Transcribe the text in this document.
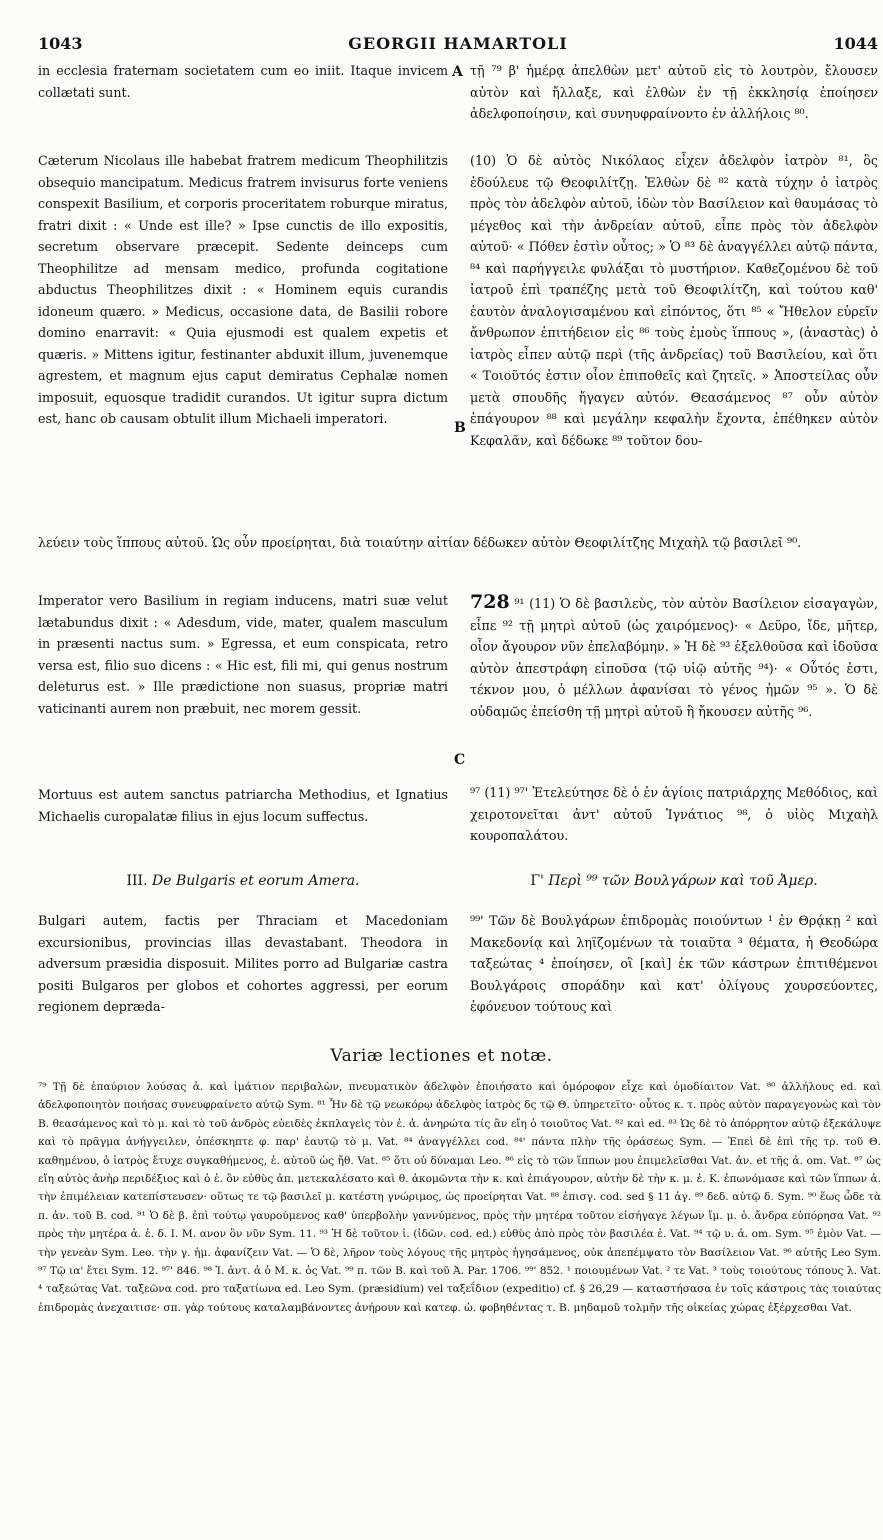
1043	GEORGII HAMARTOLI	1044
A
B
C

in ecclesia fraternam societatem cum eo iniit. Itaque invicem collætati sunt.

Cæterum Nicolaus ille habebat fratrem medicum Theophilitzis obsequio mancipatum. Medicus fratrem invisurus forte veniens conspexit Basilium, et corporis proceritatem roburque miratus, fratri dixit : « Unde est ille? » Ipse cunctis de illo expositis, secretum observare præcepit. Sedente deinceps cum Theophilitze ad mensam medico, profunda cogitatione abductus Theophilitzes dixit : « Hominem equis curandis idoneum quæro. » Medicus, occasione data, de Basilii robore domino enarravit: « Quia ejusmodi est qualem expetis et quæris. » Mittens igitur, festinanter abduxit illum, juvenemque agrestem, et magnum ejus caput demiratus Cephalæ nomen imposuit, equosque tradidit curandos. Ut igitur supra dictum est, hanc ob causam obtulit illum Michaeli imperatori.

Imperator vero Basilium in regiam inducens, matri suæ velut lætabundus dixit : « Adesdum, vide, mater, qualem masculum in præsenti nactus sum. » Egressa, et eum conspicata, retro versa est, filio suo dicens : « Hic est, fili mi, qui genus nostrum deleturus est. » Ille prædictione non suasus, propriæ matri vaticinanti aurem non præbuit, nec morem gessit.

Mortuus est autem sanctus patriarcha Methodius, et Ignatius Michaelis curopalatæ filius in ejus locum suffectus.

III. De Bulgaris et eorum Amera.

Bulgari autem, factis per Thraciam et Macedoniam excursionibus, provincias illas devastabant. Theodora in adversum præsidia disposuit. Milites porro ad Bulgariæ castra positi Bulgaros per globos et cohortes aggressi, per eorum regionem depræda-

τῇ ⁷⁹ β' ἡμέρᾳ ἀπελθὼν μετ' αὐτοῦ εἰς τὸ λουτρὸν, ἔλουσεν αὐτὸν καὶ ἤλλαξε, καὶ ἐλθὼν ἐν τῇ ἐκκλησίᾳ ἐποίησεν ἀδελφοποίησιν, καὶ συνηυφραίνοντο ἐν ἀλλήλοις ⁸⁰.

(10) Ὁ δὲ αὐτὸς Νικόλαος εἶχεν ἀδελφὸν ἰατρὸν ⁸¹, ὃς ἐδούλευε τῷ Θεοφιλίτζῃ. Ἐλθὼν δὲ ⁸² κατὰ τύχην ὁ ἰατρὸς πρὸς τὸν ἀδελφὸν αὐτοῦ, ἰδὼν τὸν Βασίλειον καὶ θαυμάσας τὸ μέγεθος καὶ τὴν ἀνδρείαν αὐτοῦ, εἶπε πρὸς τὸν ἀδελφὸν αὐτοῦ· « Πόθεν ἐστὶν οὗτος; » Ὁ ⁸³ δὲ ἀναγγέλλει αὐτῷ πάντα, ⁸⁴ καὶ παρήγγειλε φυλάξαι τὸ μυστήριον. Καθεζομένου δὲ τοῦ ἰατροῦ ἐπὶ τραπέζης μετὰ τοῦ Θεοφιλίτζη, καὶ τούτου καθ' ἑαυτὸν ἀναλογισαμένου καὶ εἰπόντος, ὅτι ⁸⁵ « Ἤθελον εὑρεῖν ἄνθρωπον ἐπιτήδειον εἰς ⁸⁶ τοὺς ἐμοὺς ἵππους », (ἀναστὰς) ὁ ἰατρὸς εἶπεν αὐτῷ περὶ (τῆς ἀνδρείας) τοῦ Βασιλείου, καὶ ὅτι « Τοιοῦτός ἐστιν οἷον ἐπιποθεῖς καὶ ζητεῖς. » Ἀποστείλας οὖν μετὰ σπουδῆς ἤγαγεν αὐτόν. Θεασάμενος ⁸⁷ οὖν αὐτὸν ἐπάγουρον ⁸⁸ καὶ μεγάλην κεφαλὴν ἔχοντα, ἐπέθηκεν αὐτὸν Κεφαλᾶν, καὶ δέδωκε ⁸⁹ τοῦτον δου-

λεύειν τοὺς ἵππους αὐτοῦ. Ὡς οὖν προείρηται, διὰ τοιαύτην αἰτίαν δέδωκεν αὐτὸν Θεοφιλίτζης Μιχαὴλ τῷ βασιλεῖ ⁹⁰.

728 ⁹¹ (11) Ὁ δὲ βασιλεὺς, τὸν αὐτὸν Βασίλειον εἰσαγαγὼν, εἶπε ⁹² τῇ μητρὶ αὐτοῦ (ὡς χαιρόμενος)· « Δεῦρο, ἴδε, μῆτερ, οἷον ἄγουρον νῦν ἐπελαβόμην. » Ἡ δὲ ⁹³ ἐξελθοῦσα καὶ ἰδοῦσα αὐτὸν ἀπεστράφη εἰποῦσα (τῷ υἱῷ αὐτῆς ⁹⁴)· « Οὗτός ἐστι, τέκνον μου, ὁ μέλλων ἀφανίσαι τὸ γένος ἡμῶν ⁹⁵ ». Ὁ δὲ οὐδαμῶς ἐπείσθη τῇ μητρὶ αὐτοῦ ἢ ἤκουσεν αὐτῆς ⁹⁶.

⁹⁷ (11) ⁹⁷' Ἐτελεύτησε δὲ ὁ ἐν ἁγίοις πατριάρχης Μεθόδιος, καὶ χειροτονεῖται ἀντ' αὐτοῦ Ἰγνάτιος ⁹⁸, ὁ υἱὸς Μιχαὴλ κουροπαλάτου.

Γ' Περὶ ⁹⁹ τῶν Βουλγάρων καὶ τοῦ Ἀμερ.

⁹⁹' Τῶν δὲ Βουλγάρων ἐπιδρομὰς ποιούντων ¹ ἐν Θρᾴκῃ ² καὶ Μακεδονίᾳ καὶ ληϊζομένων τὰ τοιαῦτα ³ θέματα, ἡ Θεοδώρα ταξεώτας ⁴ ἐποίησεν, οἳ [καὶ] ἐκ τῶν κάστρων ἐπιτιθέμενοι Βουλγάροις σποράδην καὶ κατ' ὀλίγους χουρσεύοντες, ἐφόνευον τούτους καὶ

Variæ lectiones et notæ.

⁷⁹ Τῇ δὲ ἐπαύριον λούσας ἀ. καὶ ἱμάτιον περιβαλὼν, πνευματικὸν ἀδελφὸν ἐποιήσατο καὶ ὁμόροφον εἶχε καὶ ὁμοδίαιτον Vat. ⁸⁰ ἀλλήλους ed. καὶ ἀδελφοποιητὸν ποιήσας συνευφραίνετο αὐτῷ Sym. ⁸¹ Ἦν δὲ τῷ νεωκόρῳ ἀδελφὸς ἰατρὸς δς τῷ Θ. ὑπηρετεῖτο· οὗτος κ. τ. πρὸς αὐτὸν παραγεγονὼς καὶ τὸν Β. θεασάμενος καὶ τὸ μ. καὶ τὸ τοῦ ἀνδρὸς εὐειδὲς ἐκπλαγεὶς τὸν ἐ. ἀ. ἀνηρώτα τίς ἂν εἴη ὁ τοιοῦτος Vat. ⁸² καὶ ed. ⁸³ Ὡς δὲ τὸ ἀπόρρητον αὐτῷ ἐξεκάλυψε καὶ τὸ πρᾶγμα ἀνήγγειλεν, ὀπέσκηπτε φ. παρ' ἑαυτῷ τὸ μ. Vat. ⁸⁴ ἀναγγέλλει cod. ⁸⁴' πάντα πλὴν τῆς ὁράσεως Sym. — Ἐπεὶ δὲ ἐπὶ τῆς τρ. τοῦ Θ. καθημένου, ὁ ἰατρὸς ἔτυχε συγκαθήμενος, ἐ. αὐτοῦ ὡς ἤθ. Vat. ⁸⁵ ὅτι οὐ δύναμαι Leo. ⁸⁶ εἰς τὸ τῶν ἵππων μου ἐπιμελεῖσθαι Vat. ἀν. et τῆς ἀ. om. Vat. ⁸⁷ ὡς εἴη αὐτὸς ἀνὴρ περιδέξιος καὶ ὁ ἐ. ὃν εὐθὺς ἀπ. μετεκαλέσατο καὶ θ. ἀκομῶντα τὴν κ. καὶ ἐπιάγουρον, αὐτὴν δὲ τὴν κ. μ. ἐ. Κ. ἐπωνόμασε καὶ τῶν ἵππων ἀ. τὴν ἐπιμέλειαν κατεπίστευσεν· οὕτως τε τῷ βασιλεῖ μ. κατέστη γνώριμος, ὡς προείρηται Vat. ⁸⁸ ἐπισγ. cod. sed § 11 ἀγ. ⁸⁹ δεδ. αὐτῷ δ. Sym. ⁹⁰ ἕως ὧδε τὰ π. ἀν. τοῦ Β. cod. ⁹¹ Ὁ δὲ β. ἐπὶ τούτῳ γαυρούμενος καθ' ὑπερβολὴν γαννύμενος, πρὸς τὴν μητέρα τοῦτον εἰσήγαγε λέγων ἴμ. μ. ὁ. ἄνδρα εὐπόρησα Vat. ⁹² πρὸς τὴν μητέρα ἀ. ἐ. δ. Ι. Μ. ανον ὃν νῦν Sym. 11. ⁹³ Ἡ δὲ τοῦτον ἰ. (ἰδῶν. cod. ed.) εὐθὺς ἀπὸ πρὸς τὸν βασιλέα ἐ. Vat. ⁹⁴ τῷ υ. ἀ. om. Sym. ⁹⁵ ἐμὸν Vat. — τὴν γενεὰν Sym. Leo. τὴν γ. ἡμ. ἀφανίζειν Vat. — Ὁ δὲ, λῆρον τοὺς λόγους τῆς μητρὸς ἡγησάμενος, οὐκ ἀπεπέμψατο τὸν Βασίλειον Vat. ⁹⁶ αὐτῆς Leo Sym. ⁹⁷ Τῷ ια' ἔτει Sym. 12. ⁹⁷' 846. ⁹⁸ Ἰ. ἀντ. ἀ ὁ Μ. κ. ὁς Vat. ⁹⁹ π. τῶν Β. καὶ τοῦ Ἀ. Par. 1706. ⁹⁹' 852. ¹ ποιουμένων Vat. ² τε Vat. ³ τοὺς τοιούτους τόπους λ. Vat. ⁴ ταξεώτας Vat. ταξεῶνα cod. pro ταξατίωνα ed. Leo Sym. (præsidium) vel ταξεΐδιον (expeditio) cf. § 26,29 — καταστήσασα ἐν τοῖς κάστροις τὰς τοιαύτας ἐπιδρομὰς ἀνεχαιτισε· σπ. γὰρ τούτους καταλαμβάνοντες ἀνήρουν καὶ κατεφ. ὠ. φοβηθέντας τ. Β. μηδαμοῦ τολμῆν τῆς οἰκείας χώρας ἐξέρχεσθαι Vat.
